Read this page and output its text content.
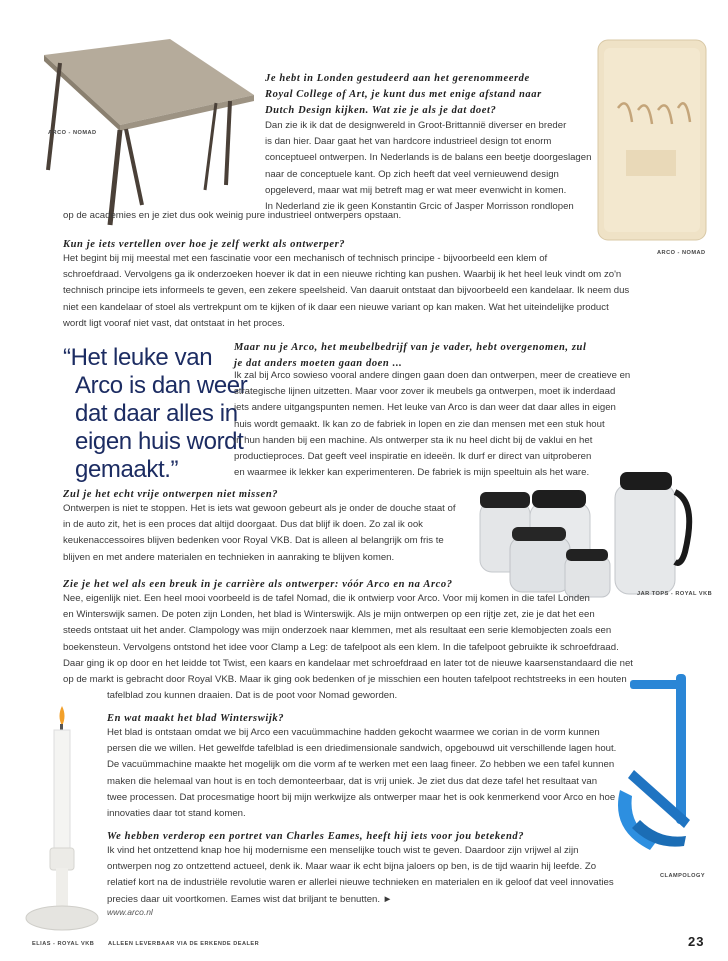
ARCO - NOMAD
ARCO - NOMAD
JAR TOPS - ROYAL VKB
CLAMPOLOGY
ELIAS - ROYAL VKB
Je hebt in Londen gestudeerd aan het gerenommeerde
Royal College of Art, je kunt dus met enige afstand naar
Dutch Design kijken. Wat zie je als je dat doet?
Dan zie ik ik dat de designwereld in Groot-Brittannië diverser en breder
is dan hier. Daar gaat het van hardcore industrieel design tot enorm
conceptueel ontwerpen. In Nederlands is de balans een beetje doorgeslagen
naar de conceptuele kant. Op zich heeft dat veel vernieuwend design
opgeleverd, maar wat mij betreft mag er wat meer evenwicht in komen.
In Nederland zie ik geen Konstantin Grcic of Jasper Morrisson rondlopen
op de academies en je ziet dus ook weinig pure industrieel ontwerpers opstaan.
Kun je iets vertellen over hoe je zelf werkt als ontwerper?
Het begint bij mij meestal met een fascinatie voor een mechanisch of technisch principe - bijvoorbeeld een klem of
schroefdraad. Vervolgens ga ik onderzoeken hoever ik dat in een nieuwe richting kan pushen. Waarbij ik het heel leuk vindt om zo'n
technisch principe iets informeels te geven, een zekere speelsheid. Van daaruit ontstaat dan bijvoorbeeld een kandelaar. Ik neem dus
niet een kandelaar of stoel als vertrekpunt om te kijken of ik daar een nieuwe variant op kan maken. Wat het uiteindelijke product
wordt ligt vooraf niet vast, dat ontstaat in het proces.
“Het leuke van
Arco is dan weer
dat daar alles in
eigen huis wordt
gemaakt.”
Maar nu je Arco, het meubelbedrijf van je vader, hebt overgenomen, zul
je dat anders moeten gaan doen ...
Ik zal bij Arco sowieso vooral andere dingen gaan doen dan ontwerpen, meer de creatieve en
strategische lijnen uitzetten. Maar voor zover ik meubels ga ontwerpen, moet ik inderdaad
iets andere uitgangspunten nemen. Het leuke van Arco is dan weer dat daar alles in eigen
huis wordt gemaakt. Ik kan zo de fabriek in lopen en zie dan mensen met een stuk hout
in hun handen bij een machine. Als ontwerper sta ik nu heel dicht bij de vaklui en het
productieproces. Dat geeft veel inspiratie en ideeën. Ik durf er direct van uitproberen
en waarmee ik lekker kan experimenteren. De fabriek is mijn speeltuin als het ware.
Zul je het echt vrije ontwerpen niet missen?
Ontwerpen is niet te stoppen. Het is iets wat gewoon gebeurt als je onder de douche staat of
in de auto zit, het is een proces dat altijd doorgaat. Dus dat blijf ik doen. Zo zal ik ook
keukenaccessoires blijven bedenken voor Royal VKB. Dat is alleen al belangrijk om fris te
blijven en met andere materialen en technieken in aanraking te blijven komen.
Zie je het wel als een breuk in je carrière als ontwerper: vóór Arco en na Arco?
Nee, eigenlijk niet. Een heel mooi voorbeeld is de tafel Nomad, die ik ontwierp voor Arco. Voor mij komen in die tafel Londen
en Winterswijk samen. De poten zijn Londen, het blad is Winterswijk. Als je mijn ontwerpen op een rijtje zet, zie je dat het een
steeds ontstaat uit het ander. Clampology was mijn onderzoek naar klemmen, met als resultaat een serie klemobjecten zoals een
boekensteun. Vervolgens ontstond het idee voor Clamp a Leg: de tafelpoot als een klem. In die tafelpoot gebruikte ik schroefdraad.
Daar ging ik op door en het leidde tot Twist, een kaars en kandelaar met schroefdraad en later tot de nieuwe kaarsenstandaard die net
op de markt is gebracht door Royal VKB. Maar ik ging ook bedenken of je misschien een houten tafelpoot rechtstreeks in een houten
tafelblad zou kunnen draaien. Dat is de poot voor Nomad geworden.
En wat maakt het blad Winterswijk?
Het blad is ontstaan omdat we bij Arco een vacuümmachine hadden gekocht waarmee we corian in de vorm kunnen
persen die we willen. Het gewelfde tafelblad is een driedimensionale sandwich, opgebouwd uit verschillende lagen hout.
De vacuümmachine maakte het mogelijk om die vorm af te werken met een laag fineer. Zo hebben we een tafel kunnen
maken die helemaal van hout is en toch demonteerbaar, dat is vrij uniek. Je ziet dus dat deze tafel het resultaat van
twee processen. Dat procesmatige hoort bij mijn werkwijze als ontwerper maar het is ook kenmerkend voor Arco en hoe
innovaties daar tot stand komen.
We hebben verderop een portret van Charles Eames, heeft hij iets voor jou betekend?
Ik vind het ontzettend knap hoe hij modernisme een menselijke touch wist te geven. Daardoor zijn vrijwel al zijn
ontwerpen nog zo ontzettend actueel, denk ik. Maar waar ik echt bijna jaloers op ben, is de tijd waarin hij leefde. Zo
relatief kort na de industriële revolutie waren er allerlei nieuwe technieken en materialen en ik geloof dat veel innovaties
precies daar uit voortkomen. Eames wist dat briljant te benutten. ►
www.arco.nl
ALLEEN LEVERBAAR VIA DE ERKENDE DEALER	23
